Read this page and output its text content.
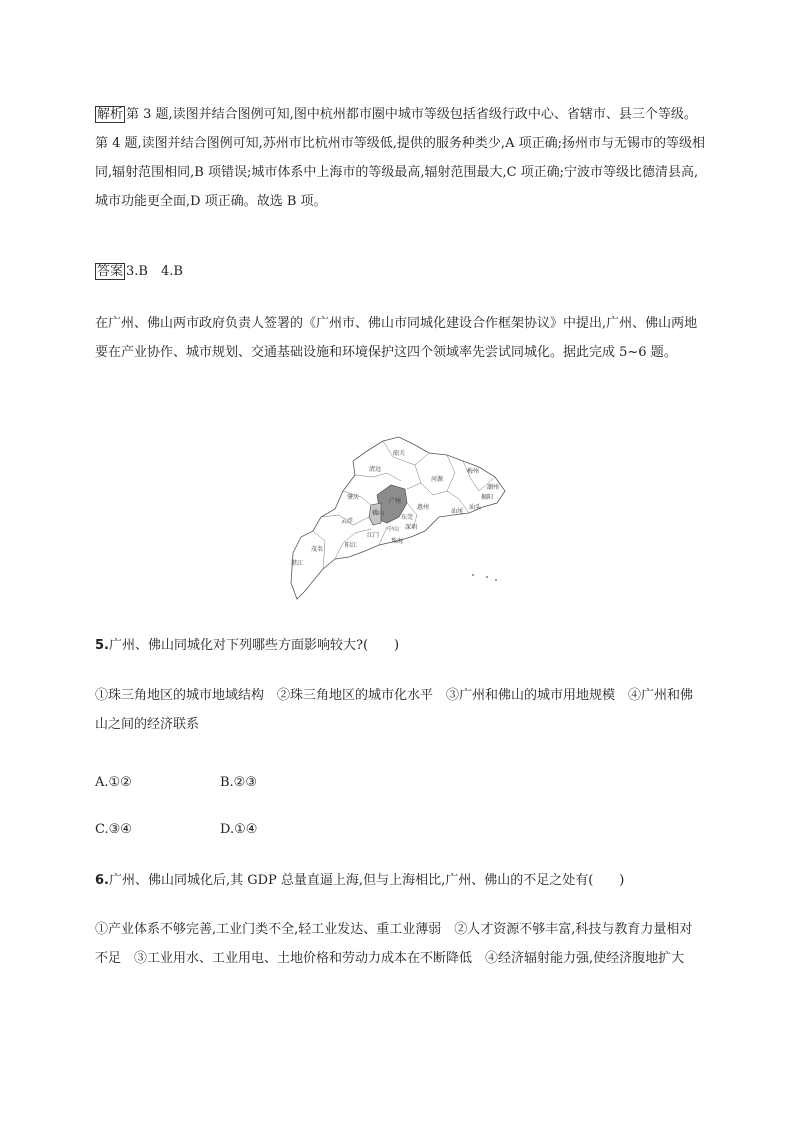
解析 第 3 题,读图并结合图例可知,图中杭州都市圈中城市等级包括省级行政中心、省辖市、县三个等级。第 4 题,读图并结合图例可知,苏州市比杭州市等级低,提供的服务种类少,A 项正确;扬州市与无锡市的等级相同,辐射范围相同,B 项错误;城市体系中上海市的等级最高,辐射范围最大,C 项正确;宁波市等级比德清县高,城市功能更全面,D 项正确。故选 B 项。

答案 3.B　4.B

在广州、佛山两市政府负责人签署的《广州市、佛山市同城化建设合作框架协议》中提出,广州、佛山两地要在产业协作、城市规划、交通基础设施和环境保护这四个领域率先尝试同城化。据此完成 5~6 题。

韶关
清远
河源
梅州
潮州
揭阳
汕头
汕尾
肇庆
广州
佛山
惠州
东莞
中山 深圳
珠海
江门
云浮
阳江
茂名
湛江
5.广州、佛山同城化对下列哪些方面影响较大?(　　)

①珠三角地区的城市地域结构　②珠三角地区的城市化水平　③广州和佛山的城市用地规模　④广州和佛山之间的经济联系

A.①②	B.②③
C.③④	D.①④
6.广州、佛山同城化后,其 GDP 总量直逼上海,但与上海相比,广州、佛山的不足之处有(　　)

①产业体系不够完善,工业门类不全,轻工业发达、重工业薄弱　②人才资源不够丰富,科技与教育力量相对不足　③工业用水、工业用电、土地价格和劳动力成本在不断降低　④经济辐射能力强,使经济腹地扩大
